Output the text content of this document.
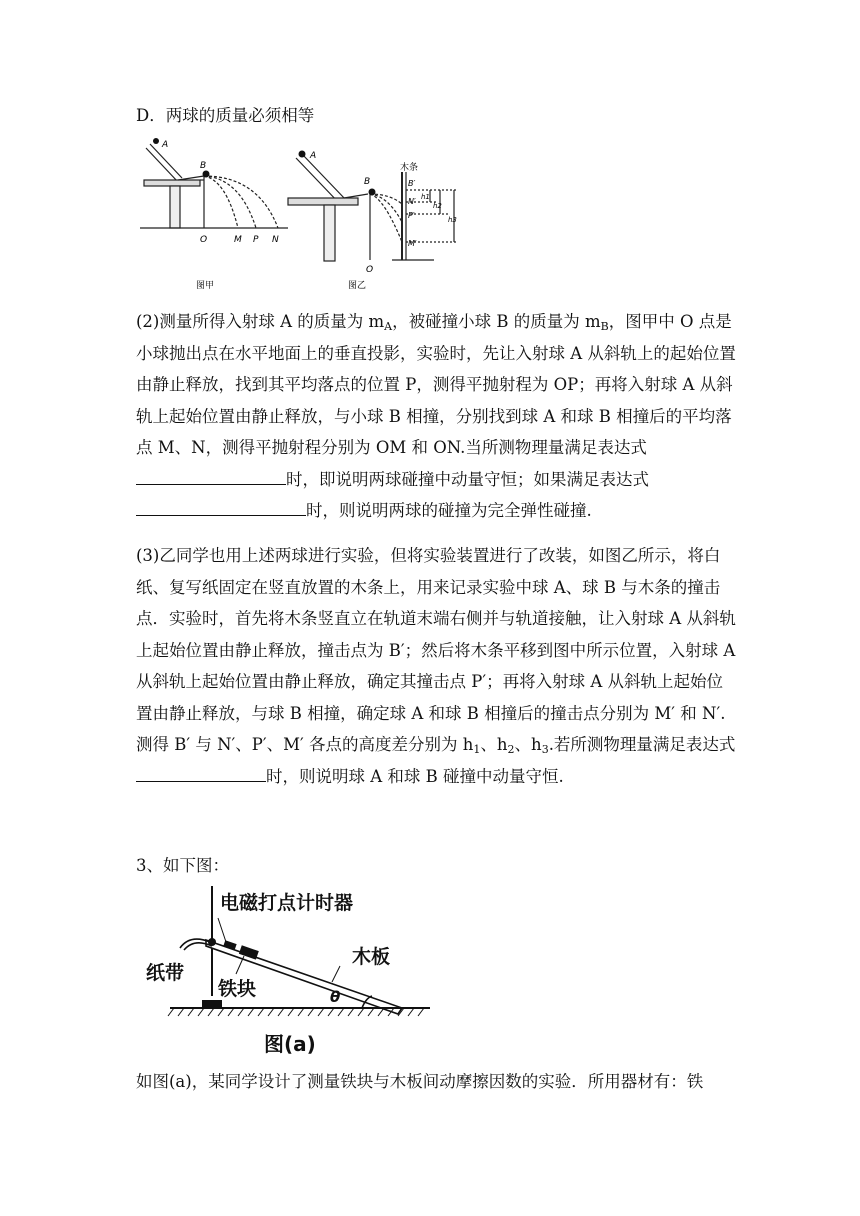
D．两球的质量必须相等
A
B
O	M P N
图甲
A
B
O
木条
B′
N′
P′
M′
h1
h2
h3
图乙

(2)测量所得入射球 A 的质量为 $m_A$，被碰撞小球 B 的质量为 $m_B$，图甲中 O 点是小球抛出点在水平地面上的垂直投影，实验时，先让入射球 A 从斜轨上的起始位置由静止释放，找到其平均落点的位置 P，测得平抛射程为 OP；再将入射球 A 从斜轨上起始位置由静止释放，与小球 B 相撞，分别找到球 A 和球 B 相撞后的平均落点 M、N，测得平抛射程分别为 OM 和 ON.当所测物理量满足表达式时，即说明两球碰撞中动量守恒；如果满足表达式
时，则说明两球的碰撞为完全弹性碰撞.

(3)乙同学也用上述两球进行实验，但将实验装置进行了改装，如图乙所示，将白纸、复写纸固定在竖直放置的木条上，用来记录实验中球 A、球 B 与木条的撞击点．实验时，首先将木条竖直立在轨道末端右侧并与轨道接触，让入射球 A 从斜轨上起始位置由静止释放，撞击点为 B′；然后将木条平移到图中所示位置，入射球 A 从斜轨上起始位置由静止释放，确定其撞击点 P′；再将入射球 A 从斜轨上起始位置由静止释放，与球 B 相撞，确定球 A 和球 B 相撞后的撞击点分别为 M′ 和 N′.测得 B′ 与 N′、P′、M′ 各点的高度差分别为 $h_1$、$h_2$、$h_3$.若所测物理量满足表达式时，则说明球 A 和球 B 碰撞中动量守恒.

3、如下图：
电磁打点计时器
纸带
铁块
木板
θ
图(a)
如图(a)，某同学设计了测量铁块与木板间动摩擦因数的实验．所用器材有：铁
